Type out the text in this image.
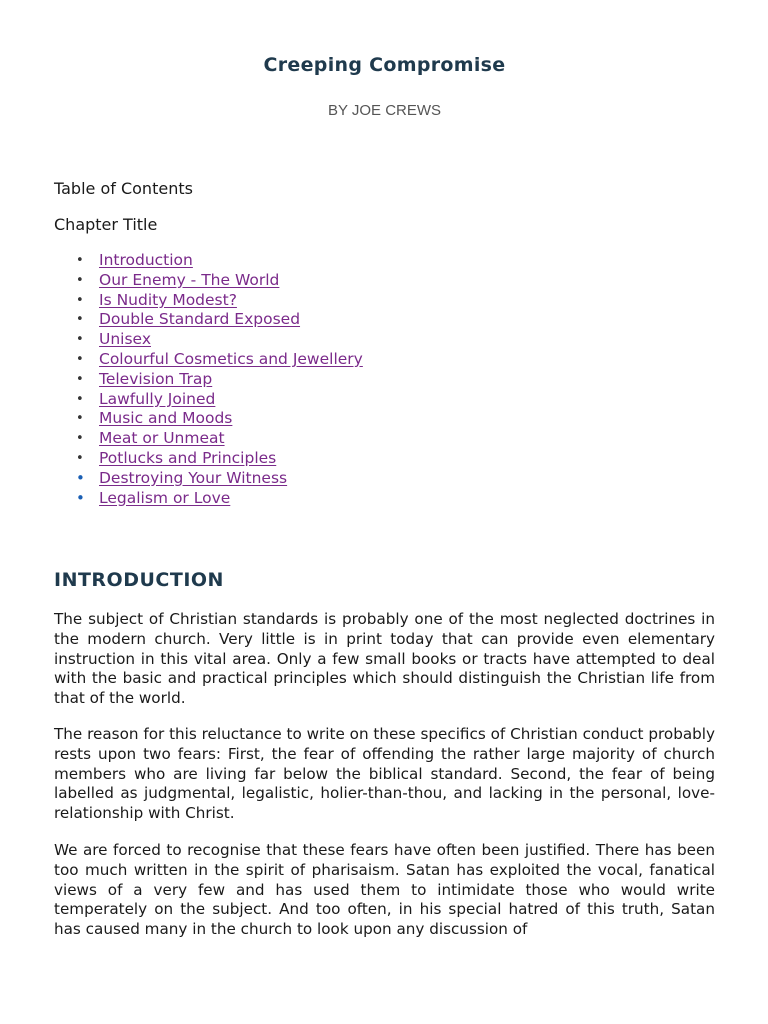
Creeping Compromise

BY JOE CREWS

Table of Contents
Chapter Title
• Introduction
• Our Enemy - The World
• Is Nudity Modest?
• Double Standard Exposed
• Unisex
• Colourful Cosmetics and Jewellery
• Television Trap
• Lawfully Joined
• Music and Moods
• Meat or Unmeat
• Potlucks and Principles
• Destroying Your Witness
• Legalism or Love
INTRODUCTION

The subject of Christian standards is probably one of the most neglected doctrines in the modern church. Very little is in print today that can provide even elementary instruction in this vital area. Only a few small books or tracts have attempted to deal with the basic and practical principles which should distinguish the Christian life from that of the world.

The reason for this reluctance to write on these specifics of Christian conduct probably rests upon two fears: First, the fear of offending the rather large majority of church members who are living far below the biblical standard. Second, the fear of being labelled as judgmental, legalistic, holier-than-thou, and lacking in the personal, love-relationship with Christ.

We are forced to recognise that these fears have often been justified. There has been too much written in the spirit of pharisaism. Satan has exploited the vocal, fanatical views of a very few and has used them to intimidate those who would write temperately on the subject. And too often, in his special hatred of this truth, Satan has caused many in the church to look upon any discussion of
